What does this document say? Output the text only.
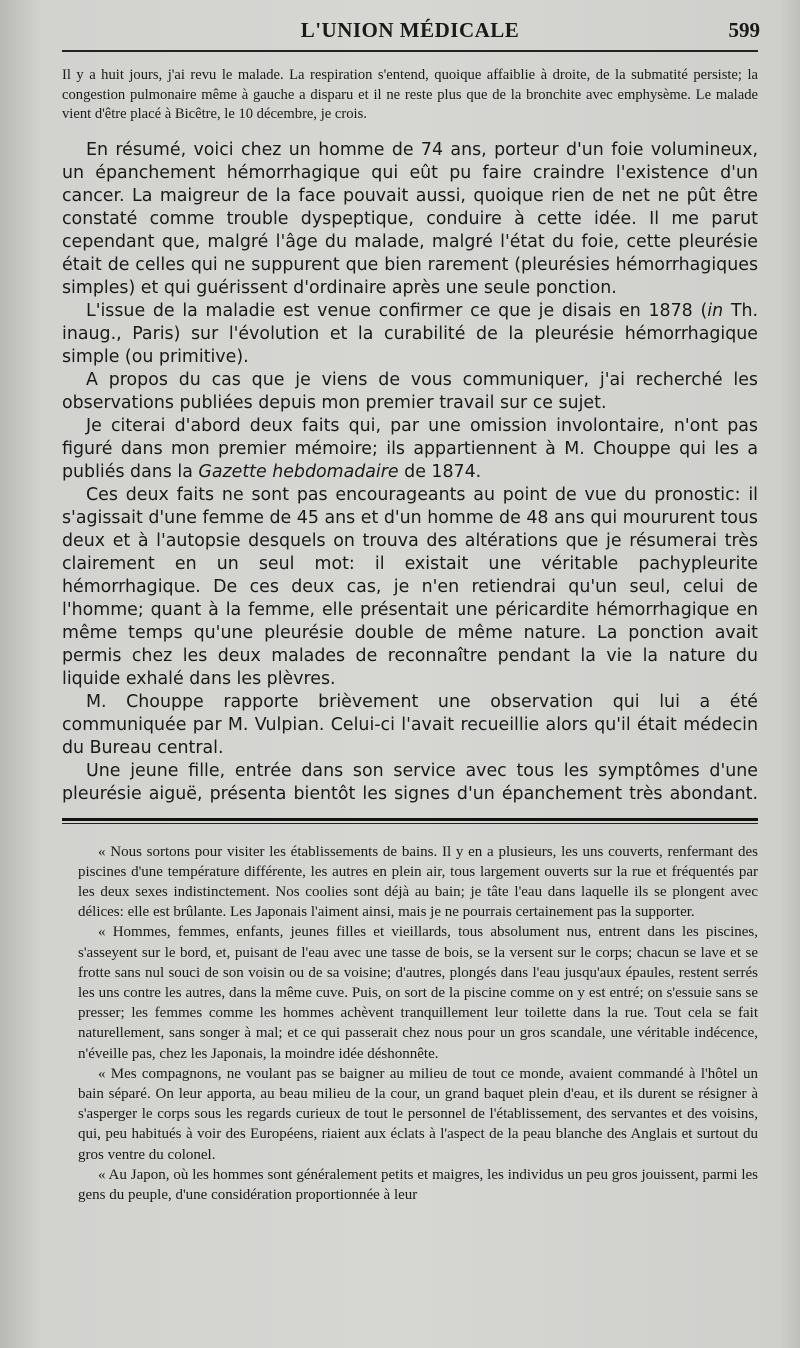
L'UNION MÉDICALE	599
Il y a huit jours, j'ai revu le malade. La respiration s'entend, quoique affaiblie à droite, de la submatité persiste; la congestion pulmonaire même à gauche a disparu et il ne reste plus que de la bronchite avec emphysème. Le malade vient d'être placé à Bicêtre, le 10 décembre, je crois.

En résumé, voici chez un homme de 74 ans, porteur d'un foie volumineux, un épanchement hémorrhagique qui eût pu faire craindre l'existence d'un cancer. La maigreur de la face pouvait aussi, quoique rien de net ne pût être constaté comme trouble dyspeptique, conduire à cette idée. Il me parut cependant que, malgré l'âge du malade, malgré l'état du foie, cette pleurésie était de celles qui ne suppurent que bien rarement (pleurésies hémorrhagiques simples) et qui guérissent d'ordinaire après une seule ponction.

L'issue de la maladie est venue confirmer ce que je disais en 1878 (in Th. inaug., Paris) sur l'évolution et la curabilité de la pleurésie hémorrhagique simple (ou primitive).

A propos du cas que je viens de vous communiquer, j'ai recherché les observations publiées depuis mon premier travail sur ce sujet.

Je citerai d'abord deux faits qui, par une omission involontaire, n'ont pas figuré dans mon premier mémoire; ils appartiennent à M. Chouppe qui les a publiés dans la Gazette hebdomadaire de 1874.

Ces deux faits ne sont pas encourageants au point de vue du pronostic: il s'agissait d'une femme de 45 ans et d'un homme de 48 ans qui moururent tous deux et à l'autopsie desquels on trouva des altérations que je résumerai très clairement en un seul mot: il existait une véritable pachypleurite hémorrhagique. De ces deux cas, je n'en retiendrai qu'un seul, celui de l'homme; quant à la femme, elle présentait une péricardite hémorrhagique en même temps qu'une pleurésie double de même nature. La ponction avait permis chez les deux malades de reconnaître pendant la vie la nature du liquide exhalé dans les plèvres.

M. Chouppe rapporte brièvement une observation qui lui a été communiquée par M. Vulpian. Celui-ci l'avait recueillie alors qu'il était médecin du Bureau central.

Une jeune fille, entrée dans son service avec tous les symptômes d'une pleurésie aiguë, présenta bientôt les signes d'un épanchement très abondant.

« Nous sortons pour visiter les établissements de bains. Il y en a plusieurs, les uns couverts, renfermant des piscines d'une température différente, les autres en plein air, tous largement ouverts sur la rue et fréquentés par les deux sexes indistinctement. Nos coolies sont déjà au bain; je tâte l'eau dans laquelle ils se plongent avec délices: elle est brûlante. Les Japonais l'aiment ainsi, mais je ne pourrais certainement pas la supporter.

« Hommes, femmes, enfants, jeunes filles et vieillards, tous absolument nus, entrent dans les piscines, s'asseyent sur le bord, et, puisant de l'eau avec une tasse de bois, se la versent sur le corps; chacun se lave et se frotte sans nul souci de son voisin ou de sa voisine; d'autres, plongés dans l'eau jusqu'aux épaules, restent serrés les uns contre les autres, dans la même cuve. Puis, on sort de la piscine comme on y est entré; on s'essuie sans se presser; les femmes comme les hommes achèvent tranquillement leur toilette dans la rue. Tout cela se fait naturellement, sans songer à mal; et ce qui passerait chez nous pour un gros scandale, une véritable indécence, n'éveille pas, chez les Japonais, la moindre idée déshonnête.

« Mes compagnons, ne voulant pas se baigner au milieu de tout ce monde, avaient commandé à l'hôtel un bain séparé. On leur apporta, au beau milieu de la cour, un grand baquet plein d'eau, et ils durent se résigner à s'asperger le corps sous les regards curieux de tout le personnel de l'établissement, des servantes et des voisins, qui, peu habitués à voir des Européens, riaient aux éclats à l'aspect de la peau blanche des Anglais et surtout du gros ventre du colonel.

« Au Japon, où les hommes sont généralement petits et maigres, les individus un peu gros jouissent, parmi les gens du peuple, d'une considération proportionnée à leur
